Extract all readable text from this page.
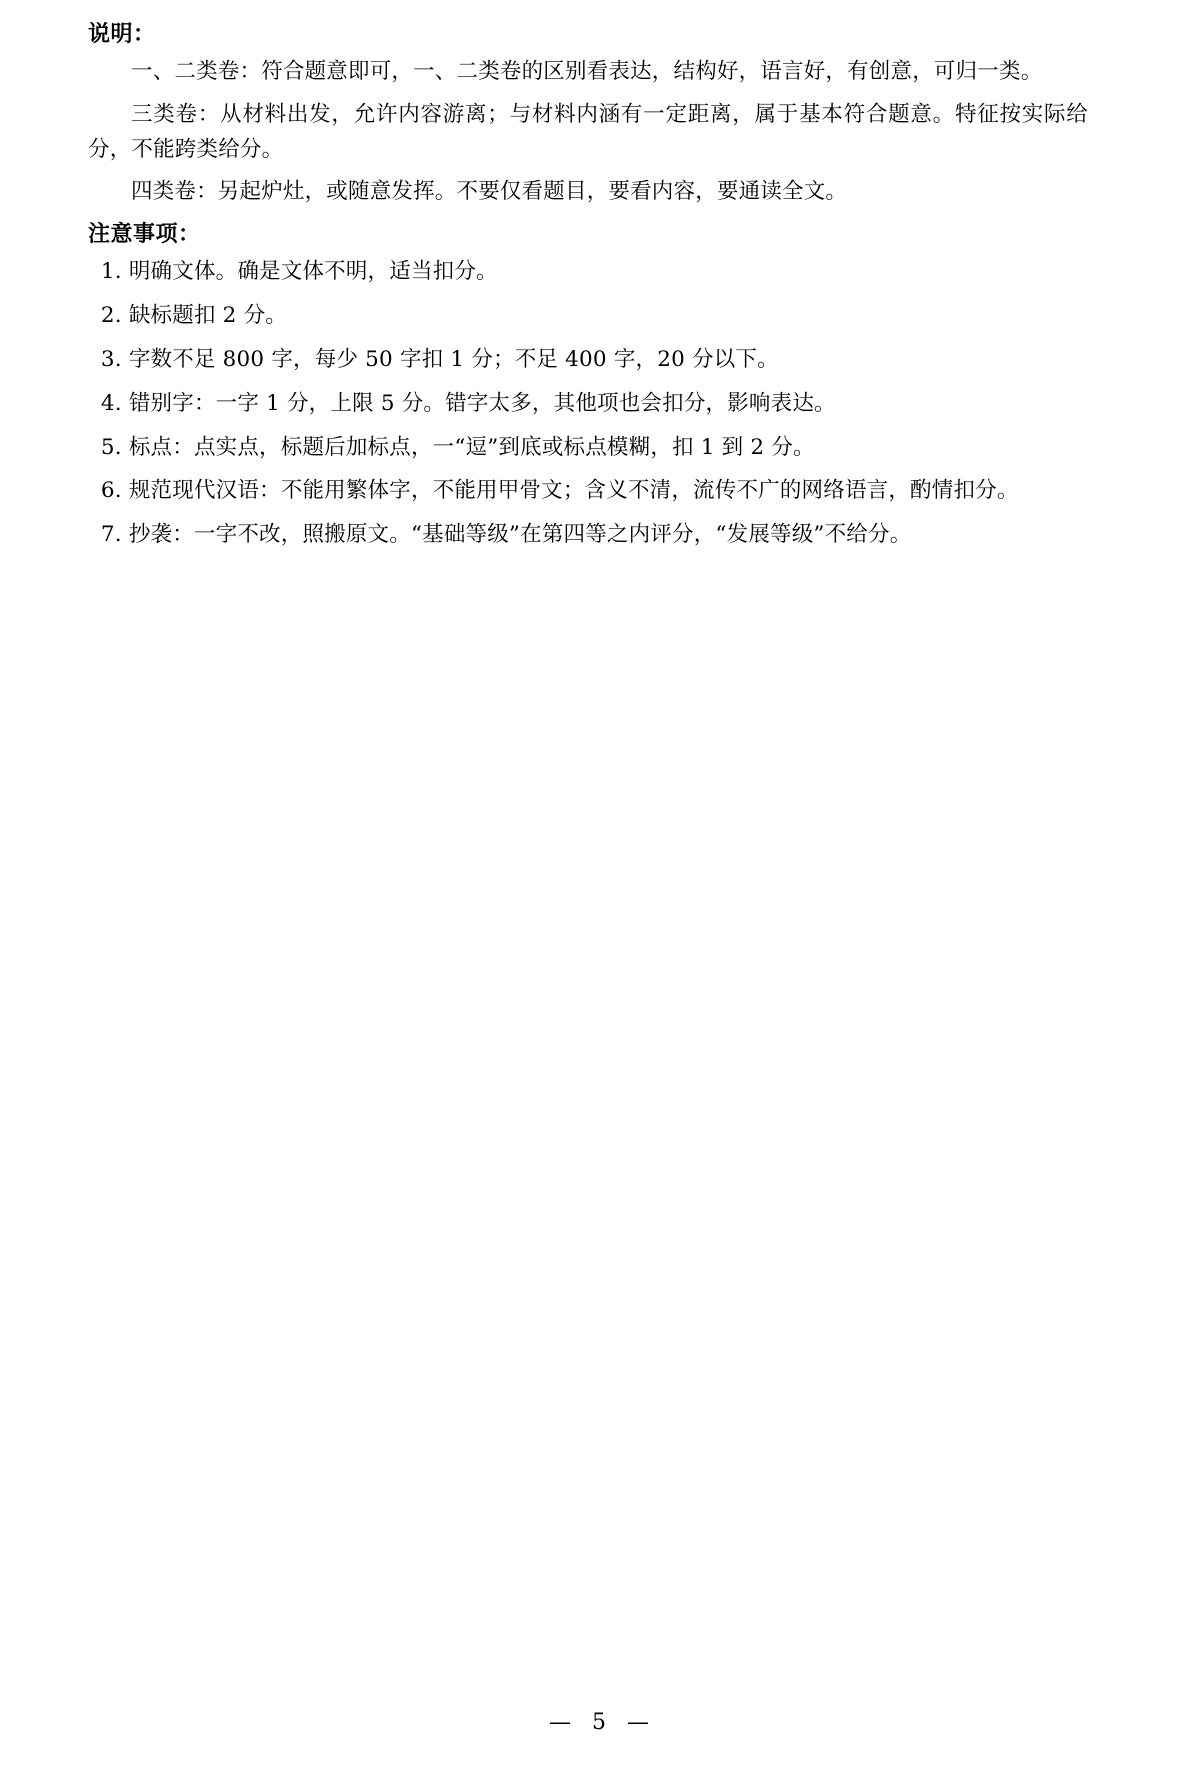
说明：

一、二类卷：符合题意即可，一、二类卷的区别看表达，结构好，语言好，有创意，可归一类。

三类卷：从材料出发，允许内容游离；与材料内涵有一定距离，属于基本符合题意。特征按实际给分，不能跨类给分。

四类卷：另起炉灶，或随意发挥。不要仅看题目，要看内容，要通读全文。

注意事项：

1. 明确文体。确是文体不明，适当扣分。

2. 缺标题扣 2 分。

3. 字数不足 800 字，每少 50 字扣 1 分；不足 400 字，20 分以下。

4. 错别字：一字 1 分，上限 5 分。错字太多，其他项也会扣分，影响表达。

5. 标点：点实点，标题后加标点，一“逗”到底或标点模糊，扣 1 到 2 分。

6. 规范现代汉语：不能用繁体字，不能用甲骨文；含义不清，流传不广的网络语言，酌情扣分。

7. 抄袭：一字不改，照搬原文。“基础等级”在第四等之内评分，“发展等级”不给分。

— 5 —
